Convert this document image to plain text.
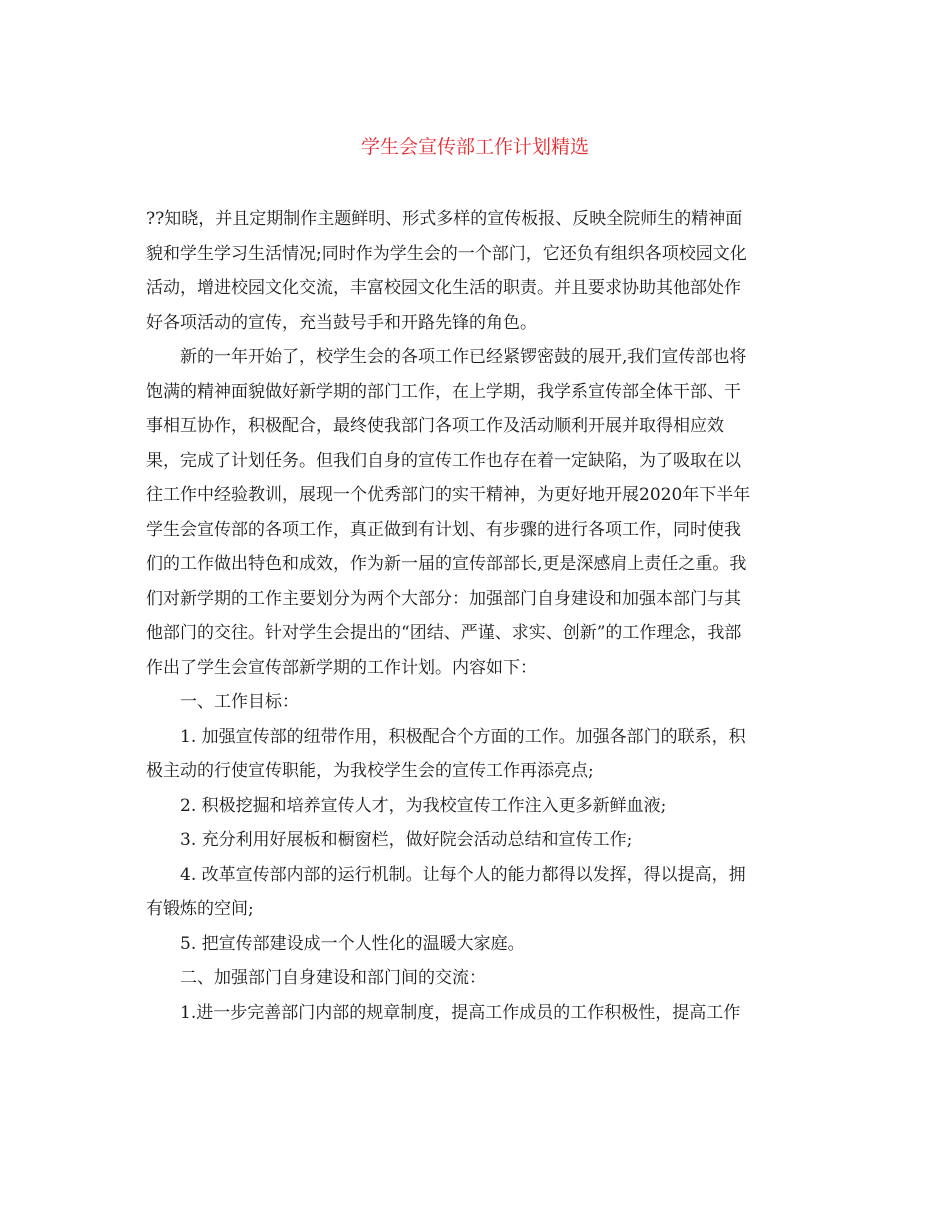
学生会宣传部工作计划精选
??知晓，并且定期制作主题鲜明、形式多样的宣传板报、反映全院师生的精神面
貌和学生学习生活情况;同时作为学生会的一个部门，它还负有组织各项校园文化
活动，增进校园文化交流，丰富校园文化生活的职责。并且要求协助其他部处作
好各项活动的宣传，充当鼓号手和开路先锋的角色。
新的一年开始了，校学生会的各项工作已经紧锣密鼓的展开,我们宣传部也将
饱满的精神面貌做好新学期的部门工作，在上学期，我学系宣传部全体干部、干
事相互协作，积极配合，最终使我部门各项工作及活动顺利开展并取得相应效
果，完成了计划任务。但我们自身的宣传工作也存在着一定缺陷，为了吸取在以
往工作中经验教训，展现一个优秀部门的实干精神，为更好地开展2020年下半年
学生会宣传部的各项工作，真正做到有计划、有步骤的进行各项工作，同时使我
们的工作做出特色和成效，作为新一届的宣传部部长,更是深感肩上责任之重。我
们对新学期的工作主要划分为两个大部分：加强部门自身建设和加强本部门与其
他部门的交往。针对学生会提出的“团结、严谨、求实、创新”的工作理念，我部
作出了学生会宣传部新学期的工作计划。内容如下：
一、工作目标：
1. 加强宣传部的纽带作用，积极配合个方面的工作。加强各部门的联系，积
极主动的行使宣传职能，为我校学生会的宣传工作再添亮点;
2. 积极挖掘和培养宣传人才，为我校宣传工作注入更多新鲜血液;
3. 充分利用好展板和橱窗栏，做好院会活动总结和宣传工作;
4. 改革宣传部内部的运行机制。让每个人的能力都得以发挥，得以提高，拥
有锻炼的空间;
5. 把宣传部建设成一个人性化的温暖大家庭。
二、加强部门自身建设和部门间的交流：
1.进一步完善部门内部的规章制度，提高工作成员的工作积极性，提高工作
